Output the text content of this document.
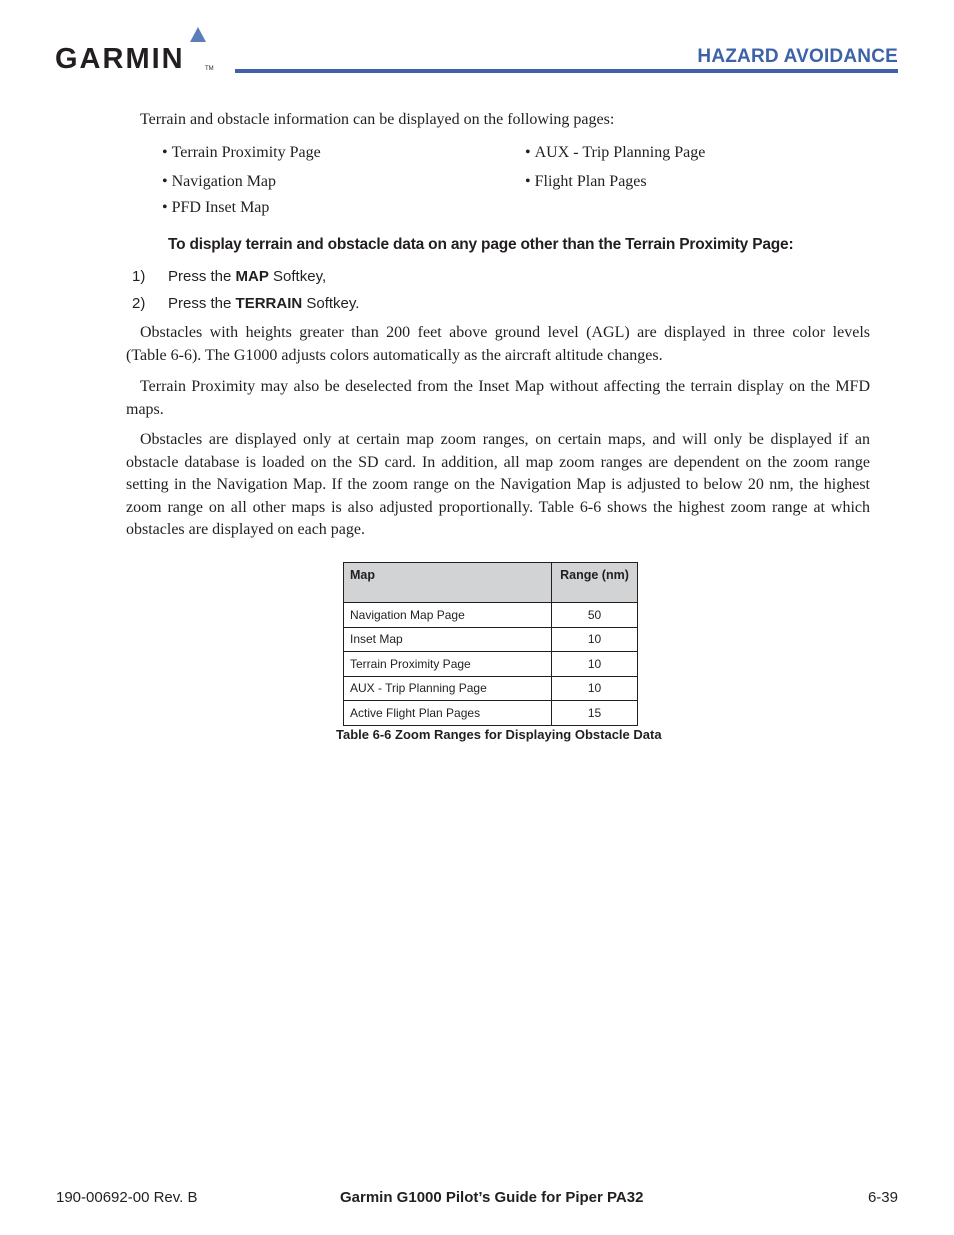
GARMIN	TM
HAZARD AVOIDANCE
Terrain and obstacle information can be displayed on the following pages:
• Terrain Proximity Page
• Navigation Map
• PFD Inset Map
• AUX - Trip Planning Page
• Flight Plan Pages
To display terrain and obstacle data on any page other than the Terrain Proximity Page:
1) Press the MAP Softkey,
2) Press the TERRAIN Softkey.
Obstacles with heights greater than 200 feet above ground level (AGL) are displayed in three color levels
(Table 6-6). The G1000 adjusts colors automatically as the aircraft altitude changes.
Terrain Proximity may also be deselected from the Inset Map without affecting the terrain display on the MFD
maps.
Obstacles are displayed only at certain map zoom ranges, on certain maps, and will only be displayed if an
obstacle database is loaded on the SD card. In addition, all map zoom ranges are dependent on the zoom range
setting in the Navigation Map. If the zoom range on the Navigation Map is adjusted to below 20 nm, the highest
zoom range on all other maps is also adjusted proportionally. Table 6-6 shows the highest zoom range at which
obstacles are displayed on each page.
Map	Range (nm)
Navigation Map Page	50
Inset Map	10
Terrain Proximity Page	10
AUX - Trip Planning Page	10
Active Flight Plan Pages	15
Table 6-6 Zoom Ranges for Displaying Obstacle Data
190-00692-00 Rev. B	Garmin G1000 Pilot’s Guide for Piper PA32	6-39
